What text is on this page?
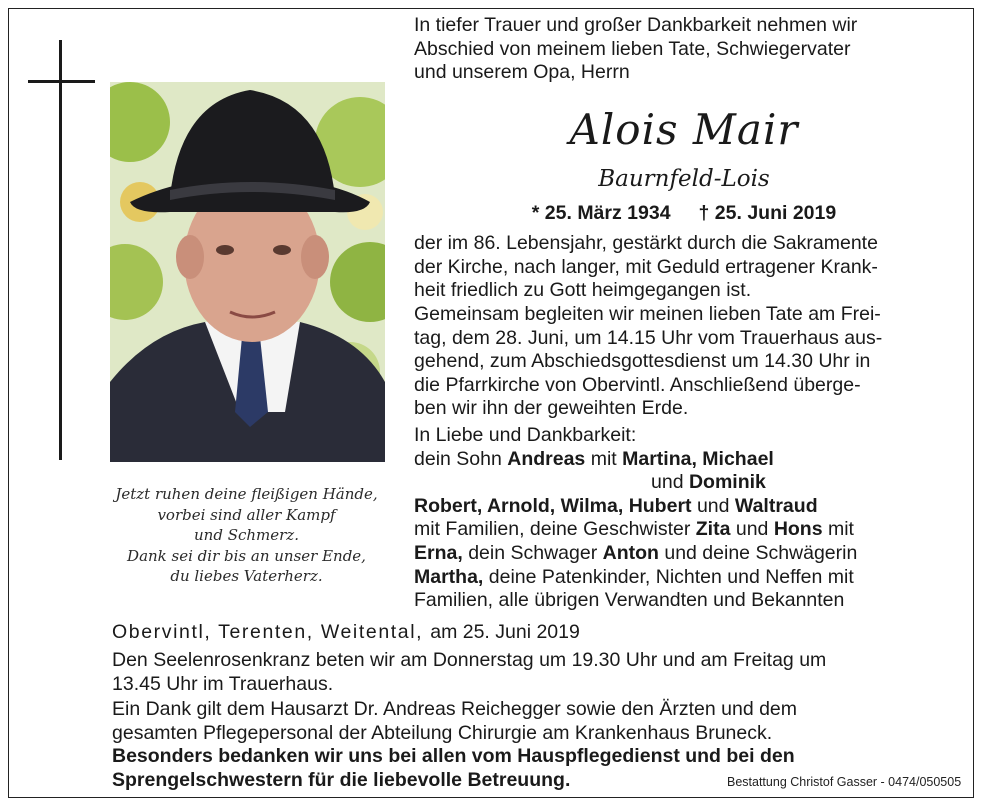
Jetzt ruhen deine fleißigen Hände,
vorbei sind aller Kampf
und Schmerz.
Dank sei dir bis an unser Ende,
du liebes Vaterherz.
In tiefer Trauer und großer Dankbarkeit nehmen wir
Abschied von meinem lieben Tate, Schwiegervater
und unserem Opa, Herrn
Alois Mair
Baurnfeld-Lois
* 25. März 1934 † 25. Juni 2019
der im 86. Lebensjahr, gestärkt durch die Sakramente
der Kirche, nach langer, mit Geduld ertragener Krank-
heit friedlich zu Gott heimgegangen ist.
Gemeinsam begleiten wir meinen lieben Tate am Frei-
tag, dem 28. Juni, um 14.15 Uhr vom Trauerhaus aus-
gehend, zum Abschiedsgottesdienst um 14.30 Uhr in
die Pfarrkirche von Obervintl. Anschließend überge-
ben wir ihn der geweihten Erde.
In Liebe und Dankbarkeit:
dein Sohn Andreas mit Martina, Michael
und Dominik
Robert, Arnold, Wilma, Hubert und Waltraud
mit Familien, deine Geschwister Zita und Hons mit
Erna, dein Schwager Anton und deine Schwägerin
Martha, deine Patenkinder, Nichten und Neffen mit
Familien, alle übrigen Verwandten und Bekannten
Obervintl, Terenten, Weitental, am 25. Juni 2019
Den Seelenrosenkranz beten wir am Donnerstag um 19.30 Uhr und am Freitag um
13.45 Uhr im Trauerhaus.
Ein Dank gilt dem Hausarzt Dr. Andreas Reichegger sowie den Ärzten und dem
gesamten Pflegepersonal der Abteilung Chirurgie am Krankenhaus Bruneck.
Besonders bedanken wir uns bei allen vom Hauspflegedienst und bei den
Sprengelschwestern für die liebevolle Betreuung.	Bestattung Christof Gasser - 0474/050505
